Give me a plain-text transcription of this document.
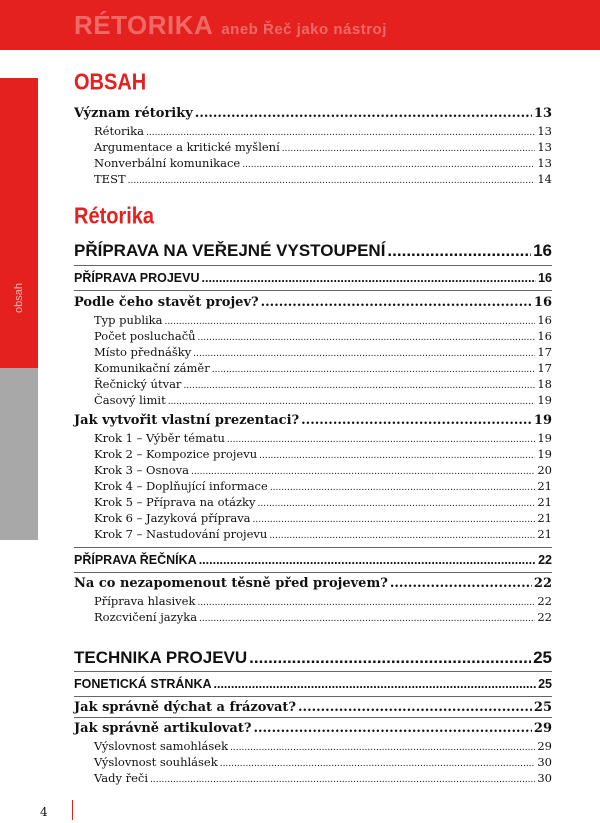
RÉTORIKA aneb Řeč jako nástroj
obsah
OBSAH
Význam rétoriky .....	13
Rétorika .....	13
Argumentace a kritické myšlení .....	13
Nonverbální komunikace .....	13
TEST .....	14
Rétorika
PŘÍPRAVA NA VEŘEJNÉ VYSTOUPENÍ .....	16
PŘÍPRAVA PROJEVU .....	16
Podle čeho stavět projev? .....	16
Typ publika .....	16
Počet posluchačů .....	16
Místo přednášky .....	17
Komunikační záměr .....	17
Řečnický útvar .....	18
Časový limit .....	19
Jak vytvořit vlastní prezentaci? .....	19
Krok 1 – Výběr tématu .....	19
Krok 2 – Kompozice projevu .....	19
Krok 3 – Osnova .....	20
Krok 4 – Doplňující informace .....	21
Krok 5 – Příprava na otázky .....	21
Krok 6 – Jazyková příprava .....	21
Krok 7 – Nastudování projevu .....	21
PŘÍPRAVA ŘEČNÍKA .....	22
Na co nezapomenout těsně před projevem? .....	22
Příprava hlasivek .....	22
Rozcvičení jazyka .....	22
TECHNIKA PROJEVU .....	25
FONETICKÁ STRÁNKA .....	25
Jak správně dýchat a frázovat? .....	25
Jak správně artikulovat? .....	29
Výslovnost samohlásek .....	29
Výslovnost souhlásek .....	30
Vady řeči .....	30
4
